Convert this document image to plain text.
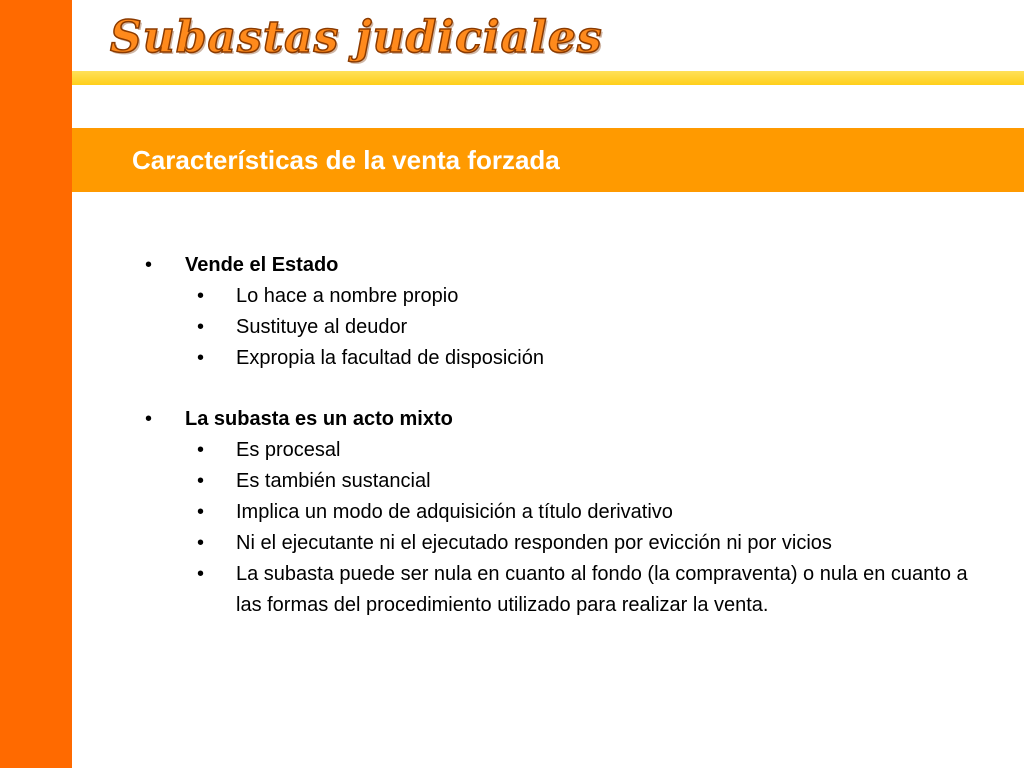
Subastas judiciales
Características de la venta forzada
• Vende el Estado
• Lo hace a nombre propio
• Sustituye al deudor
• Expropia la facultad de disposición
• La subasta es un acto mixto
• Es procesal
• Es también sustancial
• Implica un modo de adquisición a título derivativo
• Ni el ejecutante ni el ejecutado responden por evicción ni por vicios
• La subasta puede ser nula en cuanto al fondo (la compraventa) o nula en cuanto a las formas del procedimiento utilizado para realizar la venta.
